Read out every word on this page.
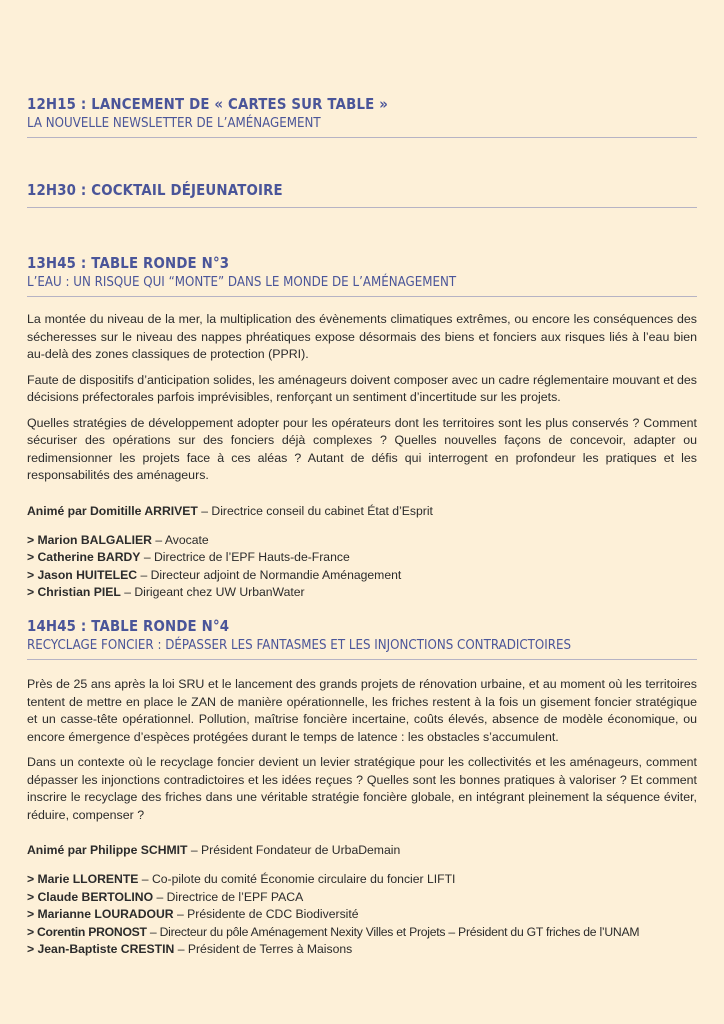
12H15 : LANCEMENT DE « CARTES SUR TABLE »

LA NOUVELLE NEWSLETTER DE L’AMÉNAGEMENT

12H30 : COCKTAIL DÉJEUNATOIRE
13H45 : TABLE RONDE N°3

L’EAU : UN RISQUE QUI “MONTE” DANS LE MONDE DE L’AMÉNAGEMENT

La montée du niveau de la mer, la multiplication des évènements climatiques extrêmes, ou encore les conséquences des sécheresses sur le niveau des nappes phréatiques expose désormais des biens et fonciers aux risques liés à l’eau bien au-delà des zones classiques de protection (PPRI).

Faute de dispositifs d’anticipation solides, les aménageurs doivent composer avec un cadre réglementaire mouvant et des décisions préfectorales parfois imprévisibles, renforçant un sentiment d’incertitude sur les projets.

Quelles stratégies de développement adopter pour les opérateurs dont les territoires sont les plus conservés ? Comment sécuriser des opérations sur des fonciers déjà complexes ? Quelles nouvelles façons de concevoir, adapter ou redimensionner les projets face à ces aléas ? Autant de défis qui interrogent en profondeur les pratiques et les responsabilités des aménageurs.

Animé par Domitille ARRIVET – Directrice conseil du cabinet État d’Esprit

> Marion BALGALIER – Avocate
> Catherine BARDY – Directrice de l’EPF Hauts-de-France
> Jason HUITELEC – Directeur adjoint de Normandie Aménagement
> Christian PIEL – Dirigeant chez UW UrbanWater
14H45 : TABLE RONDE N°4

RECYCLAGE FONCIER : DÉPASSER LES FANTASMES ET LES INJONCTIONS CONTRADICTOIRES

Près de 25 ans après la loi SRU et le lancement des grands projets de rénovation urbaine, et au moment où les territoires tentent de mettre en place le ZAN de manière opérationnelle, les friches restent à la fois un gisement foncier stratégique et un casse-tête opérationnel. Pollution, maîtrise foncière incertaine, coûts élevés, absence de modèle économique, ou encore émergence d’espèces protégées durant le temps de latence : les obstacles s’accumulent.

Dans un contexte où le recyclage foncier devient un levier stratégique pour les collectivités et les aménageurs, comment dépasser les injonctions contradictoires et les idées reçues ? Quelles sont les bonnes pratiques à valoriser ? Et comment inscrire le recyclage des friches dans une véritable stratégie foncière globale, en intégrant pleinement la séquence éviter, réduire, compenser ?

Animé par Philippe SCHMIT – Président Fondateur de UrbaDemain

> Marie LLORENTE – Co-pilote du comité Économie circulaire du foncier LIFTI
> Claude BERTOLINO – Directrice de l’EPF PACA
> Marianne LOURADOUR – Présidente de CDC Biodiversité
> Corentin PRONOST – Directeur du pôle Aménagement Nexity Villes et Projets – Président du GT friches de l’UNAM
> Jean-Baptiste CRESTIN – Président de Terres à Maisons
